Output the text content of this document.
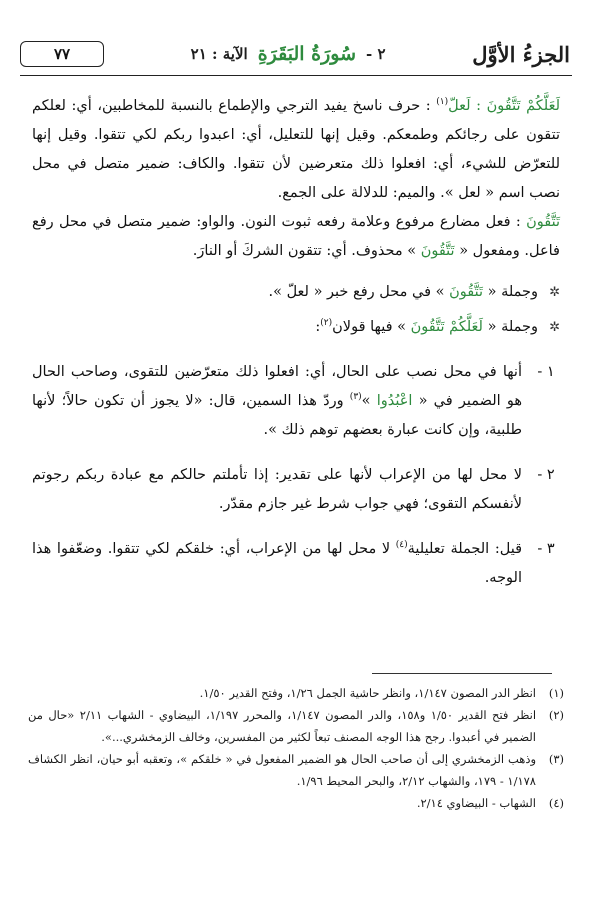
الجزءُ الأوَّل
٢ -
سُورَةُ البَقَرَةِ
الآية : ٢١
٧٧

لَعَلَّكُمْ تَتَّقُونَ : لَعلّ$^{(١)}$ : حرف ناسخ يفيد الترجي والإطماع بالنسبة للمخاطبين، أي: لعلكم تتقون على رجائكم وطمعكم. وقيل إنها للتعليل، أي: اعبدوا ربكم لكي تتقوا. وقيل إنها للتعرّض للشيء، أي: افعلوا ذلك متعرضين لأن تتقوا. والكاف: ضمير متصل في محل نصب اسم « لعل ». والميم: للدلالة على الجمع.

تَتَّقُونَ : فعل مضارع مرفوع وعلامة رفعه ثبوت النون. والواو: ضمير متصل في محل رفع فاعل. ومفعول « تَتَّقُونَ » محذوف. أي: تتقون الشركَ أو النارَ.

✲
وجملة « تَتَّقُونَ » في محل رفع خبر « لعلّ ».
✲
وجملة « لَعَلَّكُمْ تَتَّقُونَ » فيها قولان$^{(٢)}$:
١ -
أنها في محل نصب على الحال، أي: افعلوا ذلك متعرّضين للتقوى، وصاحب الحال هو الضمير في « اعْبُدُوا »$^{(٣)}$ وردّ هذا السمين، قال: «لا يجوز أن تكون حالاً؛ لأنها طلبية، وإن كانت عبارة بعضهم توهم ذلك ».
٢ -
لا محل لها من الإعراب لأنها على تقدير: إذا تأملتم حالكم مع عبادة ربكم رجوتم لأنفسكم التقوى؛ فهي جواب شرط غير جازم مقدّر.
٣ -
قيل: الجملة تعليلية$^{(٤)}$ لا محل لها من الإعراب، أي: خلقكم لكي تتقوا. وضعّفوا هذا الوجه.
(١)
انظر الدر المصون ١/١٤٧، وانظر حاشية الجمل ١/٢٦، وفتح القدير ١/٥٠.
(٢)
انظر فتح القدير ١/٥٠ و١٥٨، والدر المصون ١/١٤٧، والمحرر ١/١٩٧، البيضاوي - الشهاب ٢/١١ «حال من الضمير في أعبدوا. رجح هذا الوجه المصنف تبعاً لكثير من المفسرين، وخالف الزمخشري...».
(٣)
وذهب الزمخشري إلى أن صاحب الحال هو الضمير المفعول في « خلقكم »، وتعقبه أبو حيان، انظر الكشاف ١/١٧٨ - ١٧٩، والشهاب ٢/١٢، والبحر المحيط ١/٩٦.
(٤)
الشهاب - البيضاوي ٢/١٤.
